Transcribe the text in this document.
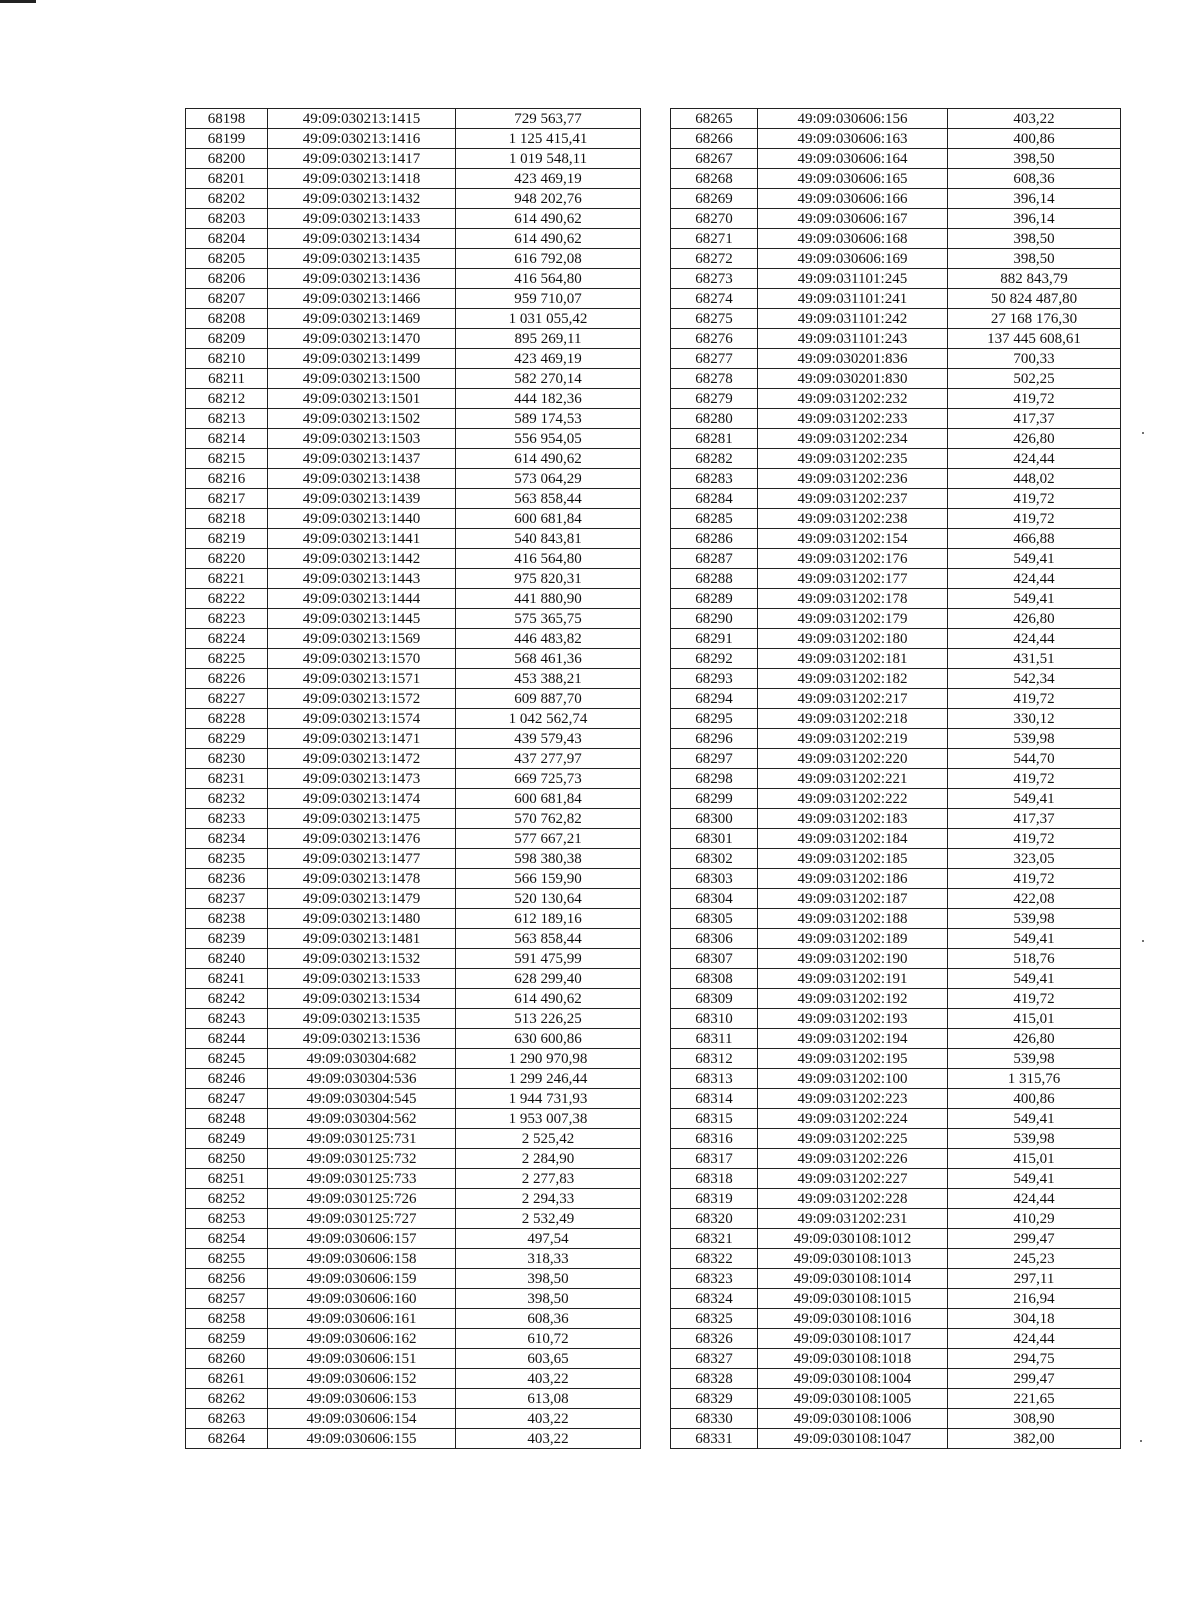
68198	49:09:030213:1415	729 563,77
68199	49:09:030213:1416	1 125 415,41
68200	49:09:030213:1417	1 019 548,11
68201	49:09:030213:1418	423 469,19
68202	49:09:030213:1432	948 202,76
68203	49:09:030213:1433	614 490,62
68204	49:09:030213:1434	614 490,62
68205	49:09:030213:1435	616 792,08
68206	49:09:030213:1436	416 564,80
68207	49:09:030213:1466	959 710,07
68208	49:09:030213:1469	1 031 055,42
68209	49:09:030213:1470	895 269,11
68210	49:09:030213:1499	423 469,19
68211	49:09:030213:1500	582 270,14
68212	49:09:030213:1501	444 182,36
68213	49:09:030213:1502	589 174,53
68214	49:09:030213:1503	556 954,05
68215	49:09:030213:1437	614 490,62
68216	49:09:030213:1438	573 064,29
68217	49:09:030213:1439	563 858,44
68218	49:09:030213:1440	600 681,84
68219	49:09:030213:1441	540 843,81
68220	49:09:030213:1442	416 564,80
68221	49:09:030213:1443	975 820,31
68222	49:09:030213:1444	441 880,90
68223	49:09:030213:1445	575 365,75
68224	49:09:030213:1569	446 483,82
68225	49:09:030213:1570	568 461,36
68226	49:09:030213:1571	453 388,21
68227	49:09:030213:1572	609 887,70
68228	49:09:030213:1574	1 042 562,74
68229	49:09:030213:1471	439 579,43
68230	49:09:030213:1472	437 277,97
68231	49:09:030213:1473	669 725,73
68232	49:09:030213:1474	600 681,84
68233	49:09:030213:1475	570 762,82
68234	49:09:030213:1476	577 667,21
68235	49:09:030213:1477	598 380,38
68236	49:09:030213:1478	566 159,90
68237	49:09:030213:1479	520 130,64
68238	49:09:030213:1480	612 189,16
68239	49:09:030213:1481	563 858,44
68240	49:09:030213:1532	591 475,99
68241	49:09:030213:1533	628 299,40
68242	49:09:030213:1534	614 490,62
68243	49:09:030213:1535	513 226,25
68244	49:09:030213:1536	630 600,86
68245	49:09:030304:682	1 290 970,98
68246	49:09:030304:536	1 299 246,44
68247	49:09:030304:545	1 944 731,93
68248	49:09:030304:562	1 953 007,38
68249	49:09:030125:731	2 525,42
68250	49:09:030125:732	2 284,90
68251	49:09:030125:733	2 277,83
68252	49:09:030125:726	2 294,33
68253	49:09:030125:727	2 532,49
68254	49:09:030606:157	497,54
68255	49:09:030606:158	318,33
68256	49:09:030606:159	398,50
68257	49:09:030606:160	398,50
68258	49:09:030606:161	608,36
68259	49:09:030606:162	610,72
68260	49:09:030606:151	603,65
68261	49:09:030606:152	403,22
68262	49:09:030606:153	613,08
68263	49:09:030606:154	403,22
68264	49:09:030606:155	403,22
68265	49:09:030606:156	403,22
68266	49:09:030606:163	400,86
68267	49:09:030606:164	398,50
68268	49:09:030606:165	608,36
68269	49:09:030606:166	396,14
68270	49:09:030606:167	396,14
68271	49:09:030606:168	398,50
68272	49:09:030606:169	398,50
68273	49:09:031101:245	882 843,79
68274	49:09:031101:241	50 824 487,80
68275	49:09:031101:242	27 168 176,30
68276	49:09:031101:243	137 445 608,61
68277	49:09:030201:836	700,33
68278	49:09:030201:830	502,25
68279	49:09:031202:232	419,72
68280	49:09:031202:233	417,37
68281	49:09:031202:234	426,80
68282	49:09:031202:235	424,44
68283	49:09:031202:236	448,02
68284	49:09:031202:237	419,72
68285	49:09:031202:238	419,72
68286	49:09:031202:154	466,88
68287	49:09:031202:176	549,41
68288	49:09:031202:177	424,44
68289	49:09:031202:178	549,41
68290	49:09:031202:179	426,80
68291	49:09:031202:180	424,44
68292	49:09:031202:181	431,51
68293	49:09:031202:182	542,34
68294	49:09:031202:217	419,72
68295	49:09:031202:218	330,12
68296	49:09:031202:219	539,98
68297	49:09:031202:220	544,70
68298	49:09:031202:221	419,72
68299	49:09:031202:222	549,41
68300	49:09:031202:183	417,37
68301	49:09:031202:184	419,72
68302	49:09:031202:185	323,05
68303	49:09:031202:186	419,72
68304	49:09:031202:187	422,08
68305	49:09:031202:188	539,98
68306	49:09:031202:189	549,41
68307	49:09:031202:190	518,76
68308	49:09:031202:191	549,41
68309	49:09:031202:192	419,72
68310	49:09:031202:193	415,01
68311	49:09:031202:194	426,80
68312	49:09:031202:195	539,98
68313	49:09:031202:100	1 315,76
68314	49:09:031202:223	400,86
68315	49:09:031202:224	549,41
68316	49:09:031202:225	539,98
68317	49:09:031202:226	415,01
68318	49:09:031202:227	549,41
68319	49:09:031202:228	424,44
68320	49:09:031202:231	410,29
68321	49:09:030108:1012	299,47
68322	49:09:030108:1013	245,23
68323	49:09:030108:1014	297,11
68324	49:09:030108:1015	216,94
68325	49:09:030108:1016	304,18
68326	49:09:030108:1017	424,44
68327	49:09:030108:1018	294,75
68328	49:09:030108:1004	299,47
68329	49:09:030108:1005	221,65
68330	49:09:030108:1006	308,90
68331	49:09:030108:1047	382,00
